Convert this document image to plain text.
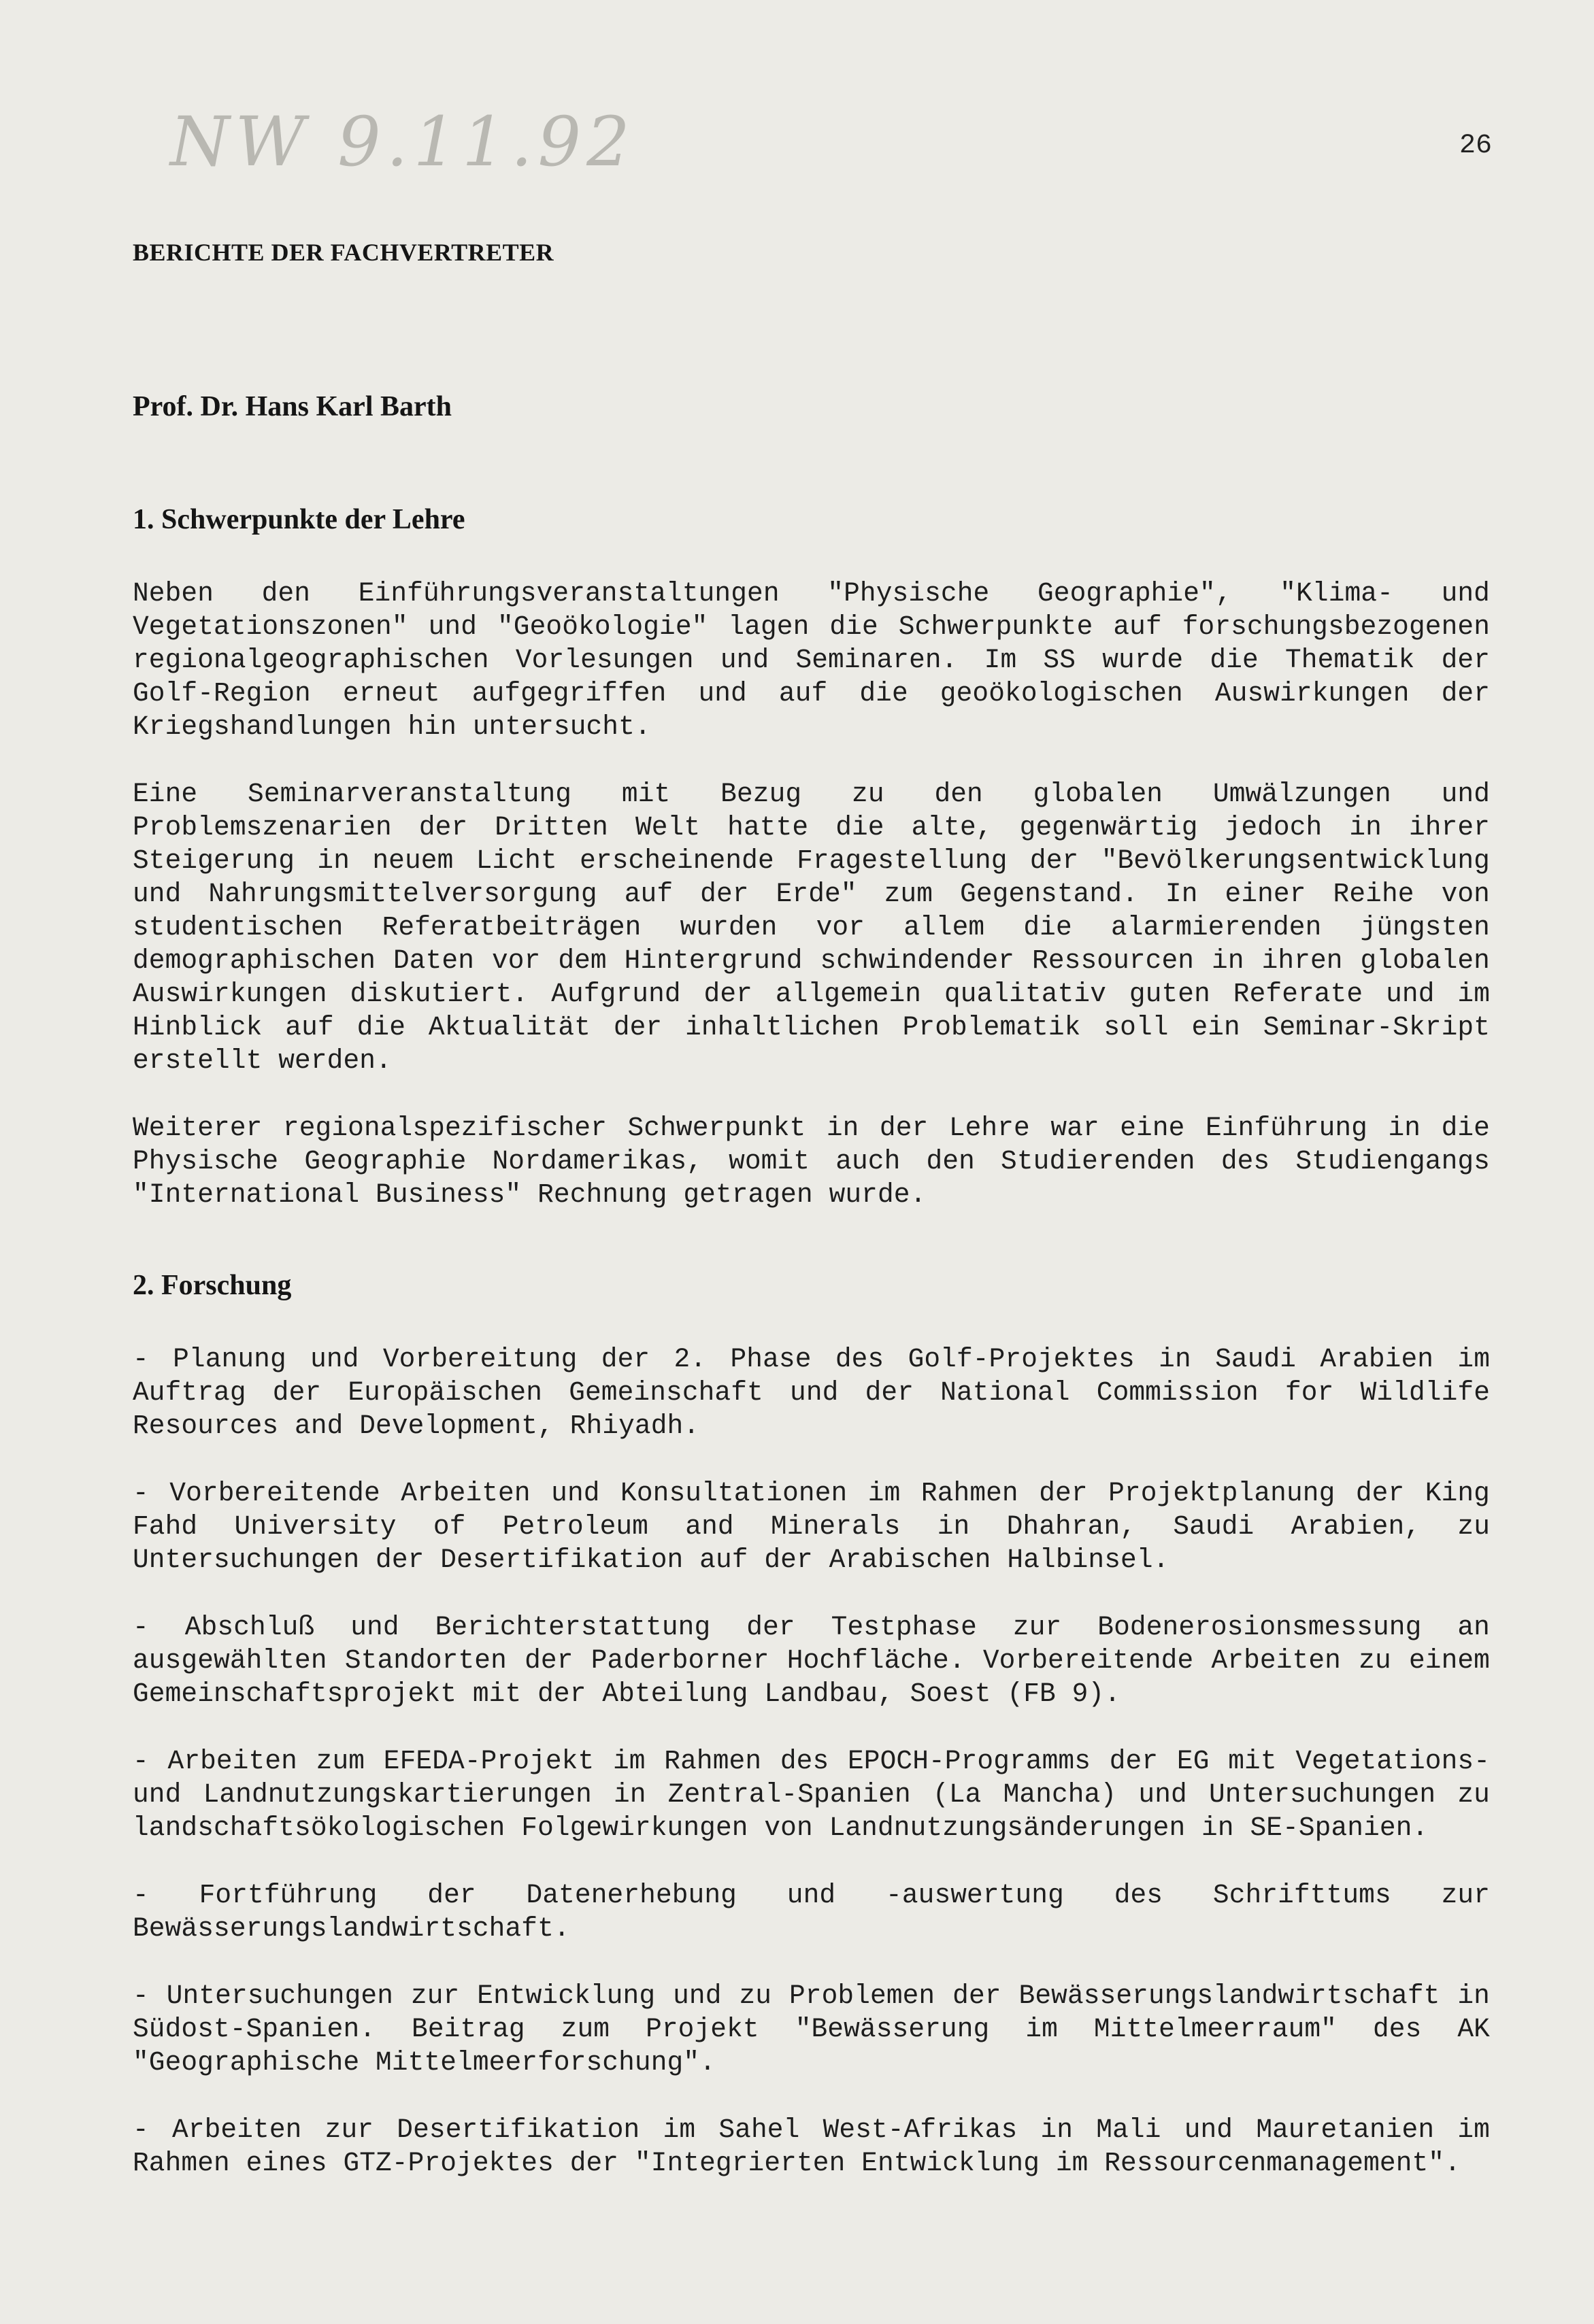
NW 9.11.92	26
BERICHTE DER FACHVERTRETER
Prof. Dr. Hans Karl Barth
1. Schwerpunkte der Lehre

Neben den Einführungsveranstaltungen "Physische Geographie", "Klima- und Vegetationszonen" und "Geoökologie" lagen die Schwerpunkte auf forschungsbezogenen regionalgeographischen Vorlesungen und Seminaren. Im SS wurde die Thematik der Golf-Region erneut aufgegriffen und auf die geoökologischen Auswirkungen der Kriegshandlungen hin untersucht.

Eine Seminarveranstaltung mit Bezug zu den globalen Umwälzungen und Problemszenarien der Dritten Welt hatte die alte, gegenwärtig jedoch in ihrer Steigerung in neuem Licht erscheinende Fragestellung der "Bevölkerungsentwicklung und Nahrungsmittelversorgung auf der Erde" zum Gegenstand. In einer Reihe von studentischen Referatbeiträgen wurden vor allem die alarmierenden jüngsten demographischen Daten vor dem Hintergrund schwindender Ressourcen in ihren globalen Auswirkungen diskutiert. Aufgrund der allgemein qualitativ guten Referate und im Hinblick auf die Aktualität der inhaltlichen Problematik soll ein Seminar-Skript erstellt werden.

Weiterer regionalspezifischer Schwerpunkt in der Lehre war eine Einführung in die Physische Geographie Nordamerikas, womit auch den Studierenden des Studiengangs "International Business" Rechnung getragen wurde.

2. Forschung

- Planung und Vorbereitung der 2. Phase des Golf-Projektes in Saudi Arabien im Auftrag der Europäischen Gemeinschaft und der National Commission for Wildlife Resources and Development, Rhiyadh.

- Vorbereitende Arbeiten und Konsultationen im Rahmen der Projektplanung der King Fahd University of Petroleum and Minerals in Dhahran, Saudi Arabien, zu Untersuchungen der Desertifikation auf der Arabischen Halbinsel.

- Abschluß und Berichterstattung der Testphase zur Bodenerosionsmessung an ausgewählten Standorten der Paderborner Hochfläche. Vorbereitende Arbeiten zu einem Gemeinschaftsprojekt mit der Abteilung Landbau, Soest (FB 9).

- Arbeiten zum EFEDA-Projekt im Rahmen des EPOCH-Programms der EG mit Vegetations- und Landnutzungskartierungen in Zentral-Spanien (La Mancha) und Untersuchungen zu landschaftsökologischen Folgewirkungen von Landnutzungsänderungen in SE-Spanien.

- Fortführung der Datenerhebung und -auswertung des Schrifttums zur Bewässerungslandwirtschaft.

- Untersuchungen zur Entwicklung und zu Problemen der Bewässerungslandwirtschaft in Südost-Spanien. Beitrag zum Projekt "Bewässerung im Mittelmeerraum" des AK "Geographische Mittelmeerforschung".

- Arbeiten zur Desertifikation im Sahel West-Afrikas in Mali und Mauretanien im Rahmen eines GTZ-Projektes der "Integrierten Entwicklung im Ressourcenmanagement".
